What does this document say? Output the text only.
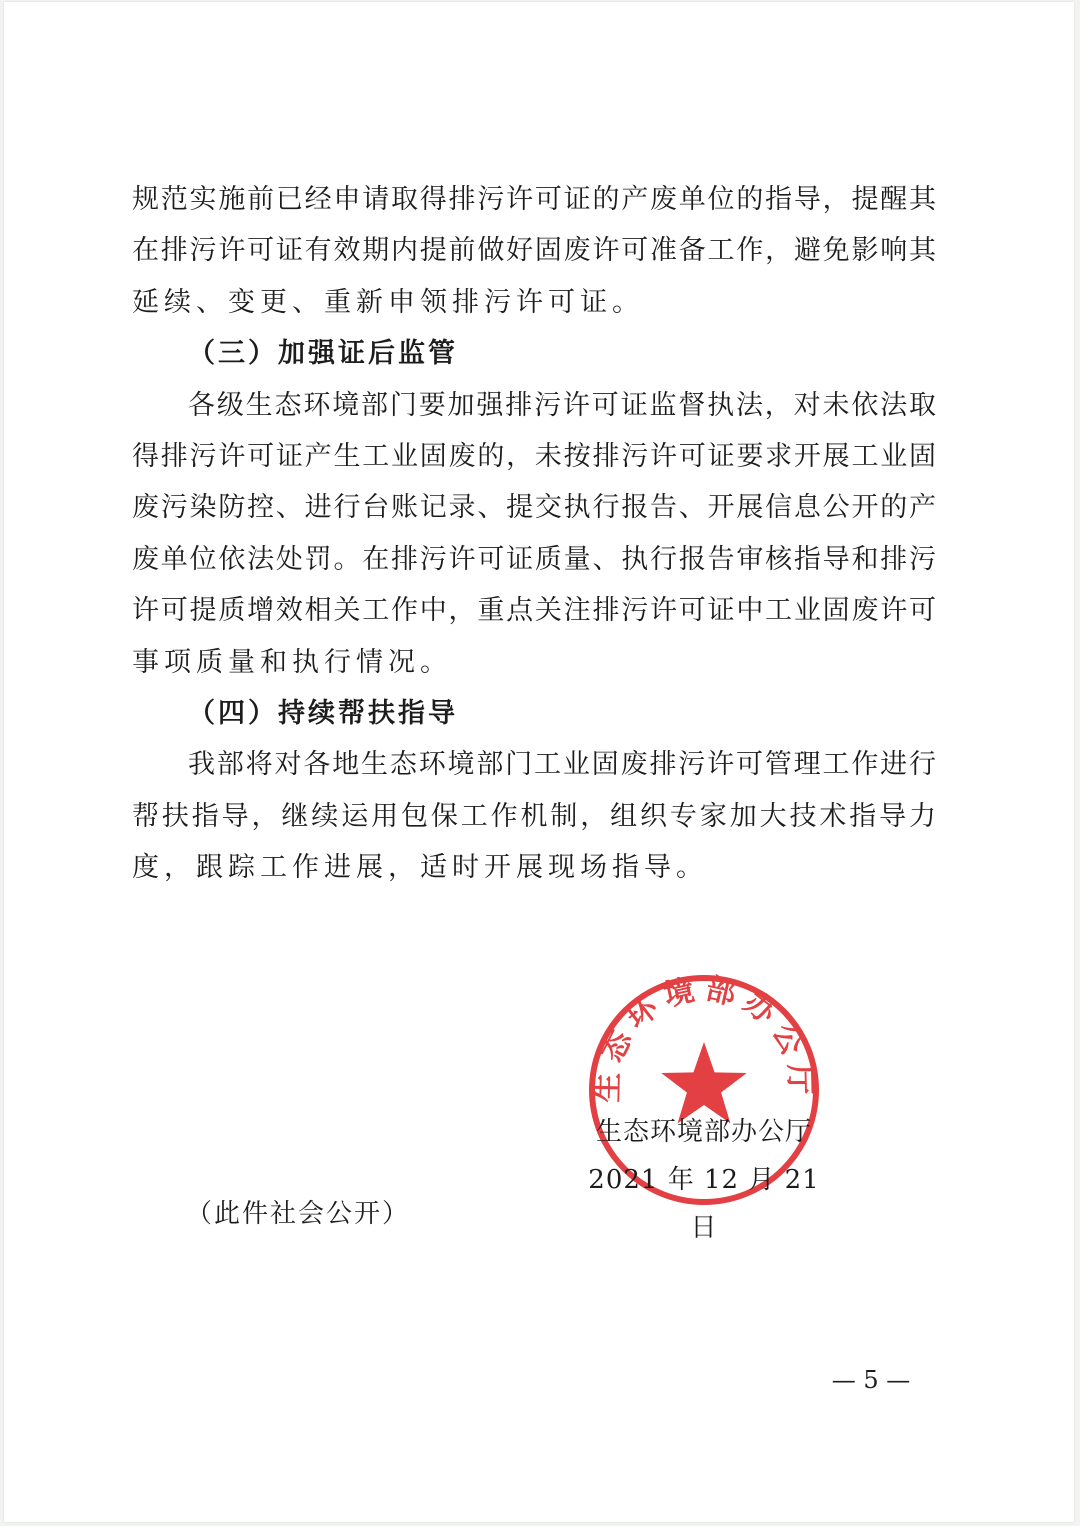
规范实施前已经申请取得排污许可证的产废单位的指导，提醒其
在排污许可证有效期内提前做好固废许可准备工作，避免影响其
延续、变更、重新申领排污许可证。
（三）加强证后监管
各级生态环境部门要加强排污许可证监督执法，对未依法取
得排污许可证产生工业固废的，未按排污许可证要求开展工业固
废污染防控、进行台账记录、提交执行报告、开展信息公开的产
废单位依法处罚。在排污许可证质量、执行报告审核指导和排污
许可提质增效相关工作中，重点关注排污许可证中工业固废许可
事项质量和执行情况。
（四）持续帮扶指导
我部将对各地生态环境部门工业固废排污许可管理工作进行
帮扶指导，继续运用包保工作机制，组织专家加大技术指导力
度，跟踪工作进展，适时开展现场指导。
生态环境部办公厅
生态环境部办公厅
2021 年 12 月 21 日
（此件社会公开）
— 5 —
